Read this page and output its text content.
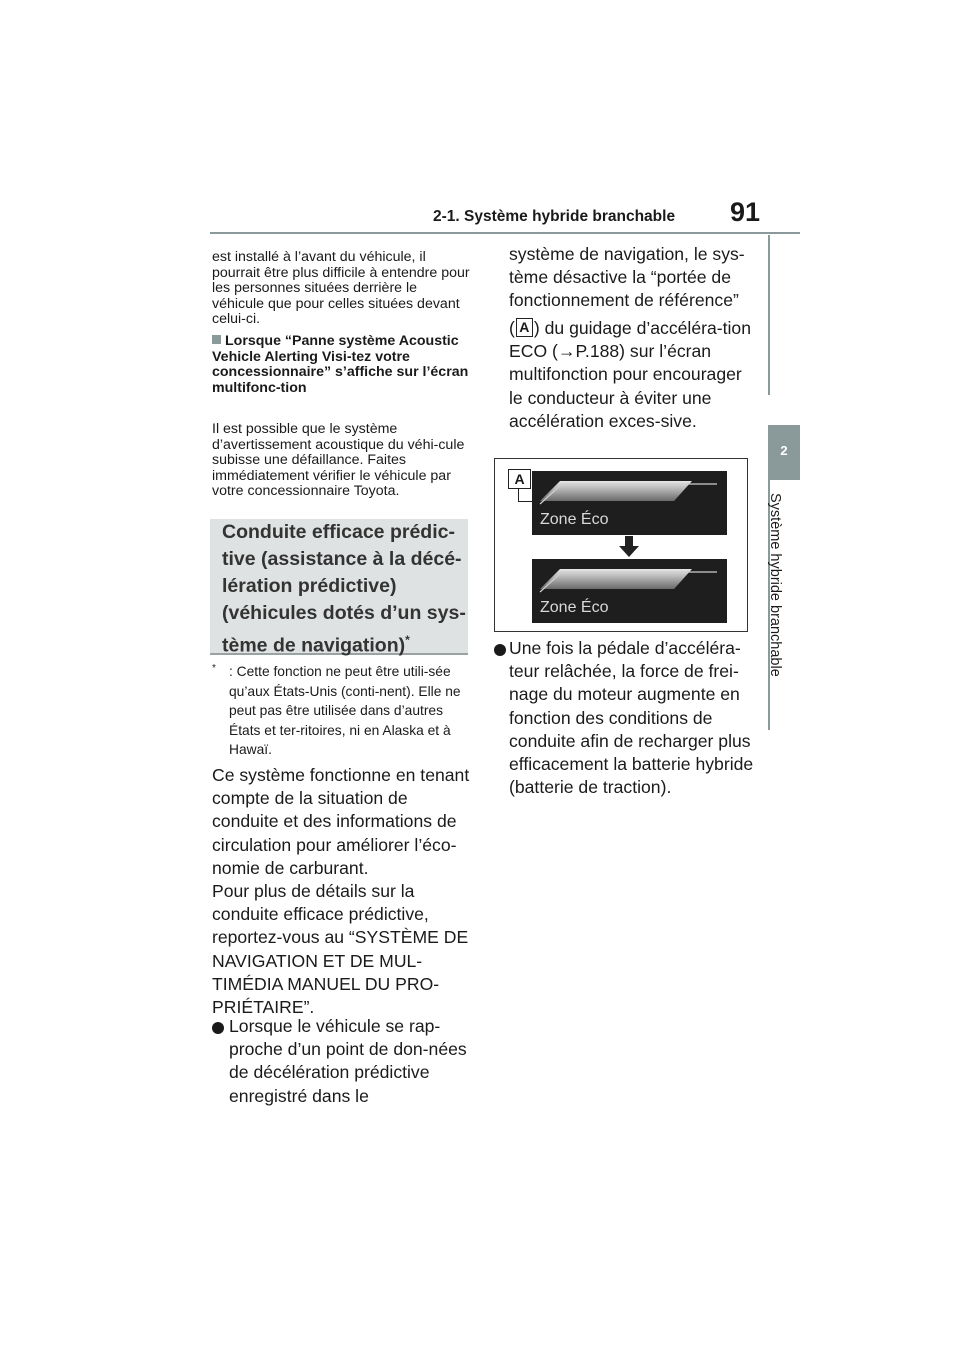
2-1. Système hybride branchable 91
2
Système hybride branchable

est installé à l’avant du véhicule, il pourrait être plus difficile à entendre pour les personnes situées derrière le véhicule que pour celles situées devant celui-ci.

Lorsque “Panne système Acoustic Vehicle Alerting Visi-tez votre concessionnaire” s’affiche sur l’écran multifonc-tion

Il est possible que le système d’avertissement acoustique du véhi-cule subisse une défaillance. Faites immédiatement vérifier le véhicule par votre concessionnaire Toyota.

Conduite efficace prédic-tive (assistance à la décé-lération prédictive) (véhicules dotés d’un sys-tème de navigation)*

* : Cette fonction ne peut être utili-sée qu’aux États-Unis (conti-nent). Elle ne peut pas être utilisée dans d’autres États et ter-ritoires, ni en Alaska et à Hawaï.

Ce système fonctionne en tenant compte de la situation de conduite et des informations de circulation pour améliorer l’éco-nomie de carburant.

Pour plus de détails sur la conduite efficace prédictive, reportez-vous au “SYSTÈME DE NAVIGATION ET DE MUL-TIMÉDIA MANUEL DU PRO-PRIÉTAIRE”.

Lorsque le véhicule se rap-proche d’un point de don-nées de décélération prédictive enregistré dans le

système de navigation, le sys-tème désactive la “portée de fonctionnement de référence”

( A ) du guidage d’accéléra-tion ECO (→P.188) sur l’écran multifonction pour encourager le conducteur à éviter une accélération exces-sive.

A
Zone Éco
Zone Éco

Une fois la pédale d’accéléra-teur relâchée, la force de frei-nage du moteur augmente en fonction des conditions de conduite afin de recharger plus efficacement la batterie hybride (batterie de traction).
